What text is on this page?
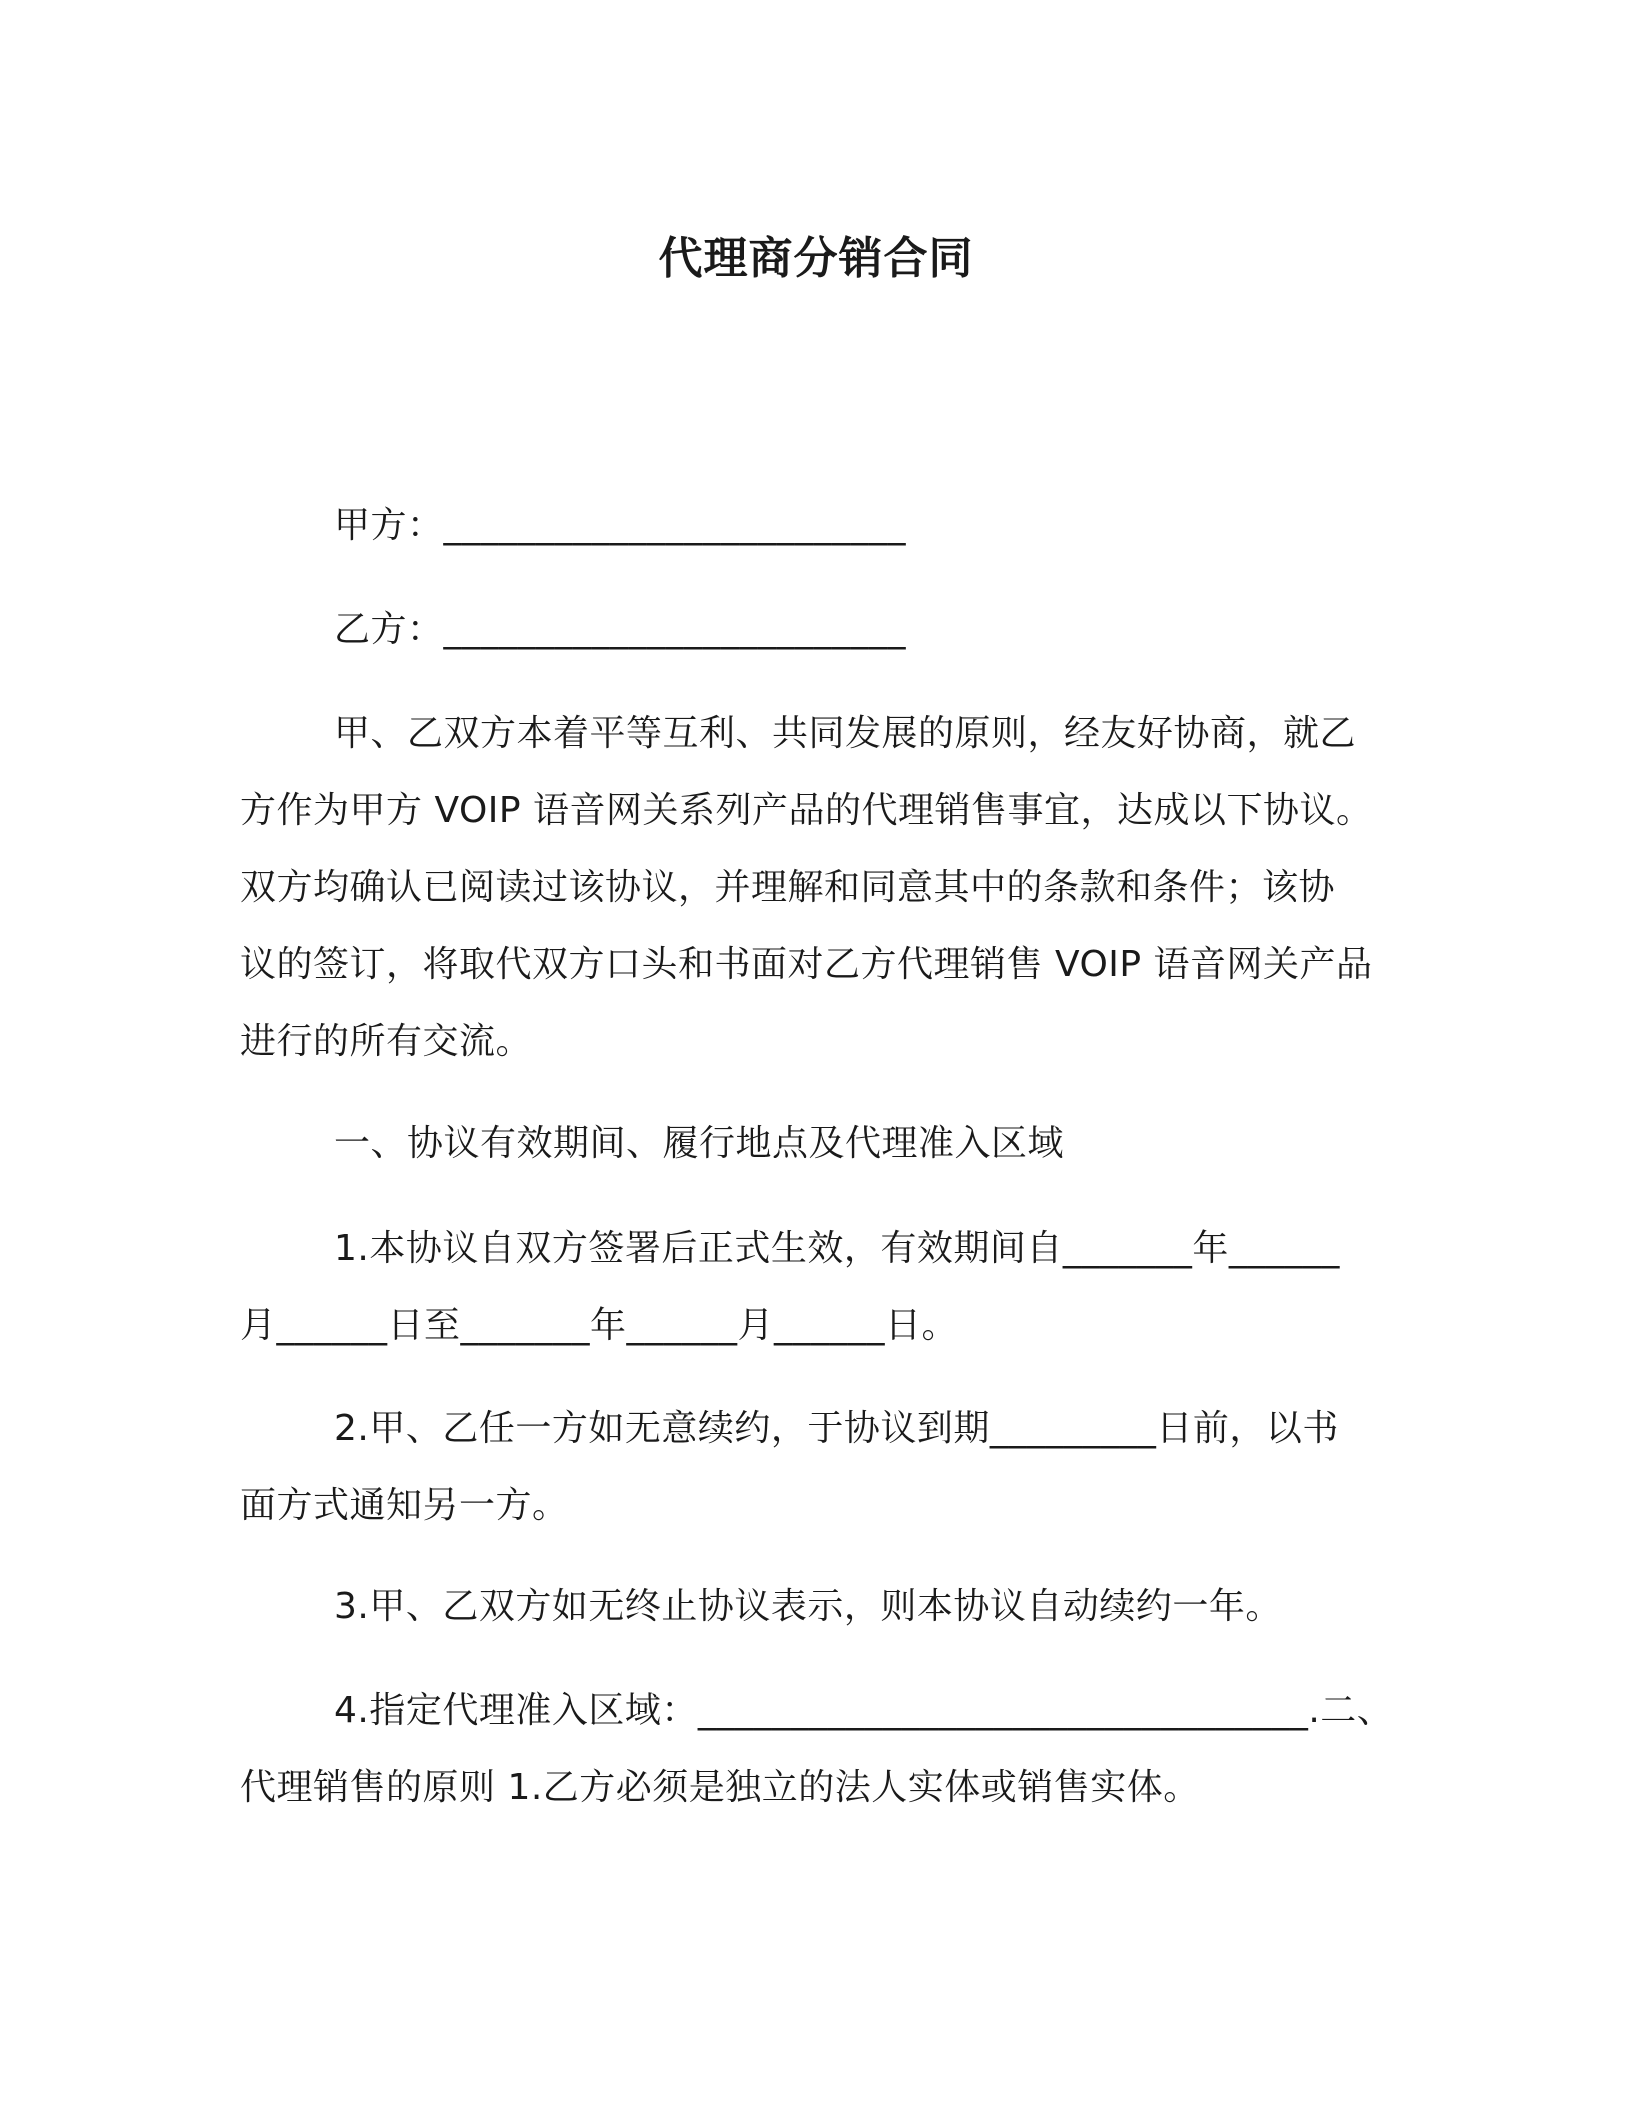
代理商分销合同
甲方：_________________________
乙方：_________________________
甲、乙双方本着平等互利、共同发展的原则，经友好协商，就乙
方作为甲方 VOIP 语音网关系列产品的代理销售事宜，达成以下协议。
双方均确认已阅读过该协议，并理解和同意其中的条款和条件；该协
议的签订，将取代双方口头和书面对乙方代理销售 VOIP 语音网关产品
进行的所有交流。
一、协议有效期间、履行地点及代理准入区域
1.本协议自双方签署后正式生效，有效期间自_______年______
月______日至_______年______月______日。
2.甲、乙任一方如无意续约，于协议到期_________日前，以书
面方式通知另一方。
3.甲、乙双方如无终止协议表示，则本协议自动续约一年。
4.指定代理准入区域：_________________________________.二、
代理销售的原则 1.乙方必须是独立的法人实体或销售实体。
